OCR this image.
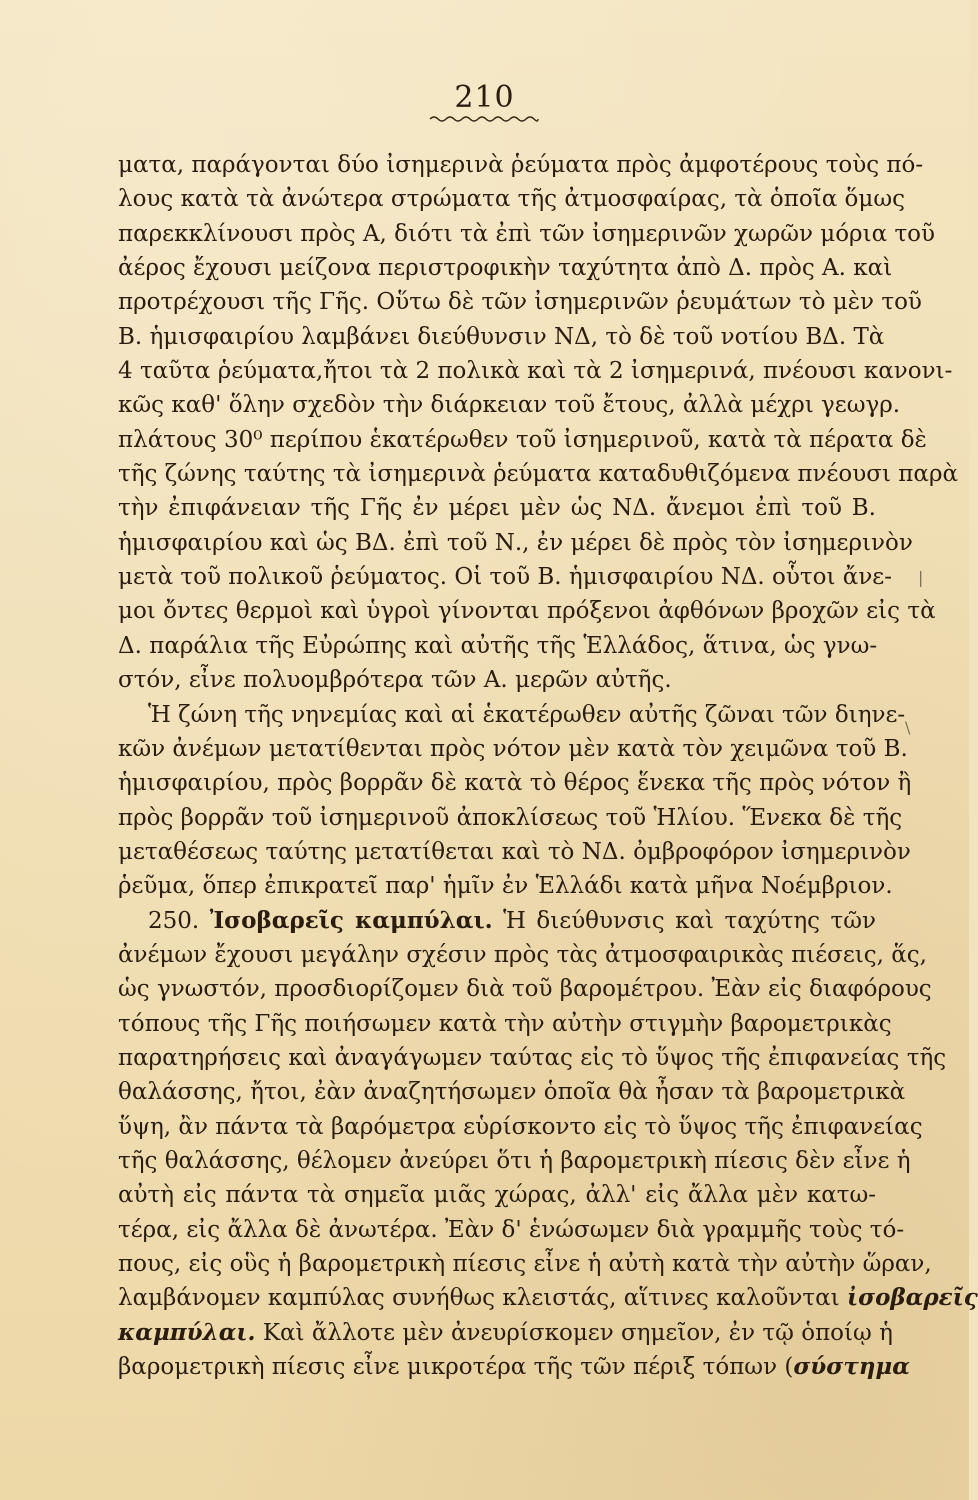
210
ματα, παράγονται δύο ἰσημερινὰ ῥεύματα πρὸς ἀμφοτέρους τοὺς πό-
λους κατὰ τὰ ἀνώτερα στρώματα τῆς ἀτμοσφαίρας, τὰ ὁποῖα ὅμως
παρεκκλίνουσι πρὸς Α, διότι τὰ ἐπὶ τῶν ἰσημερινῶν χωρῶν μόρια τοῦ
ἀέρος ἔχουσι μείζονα περιστροφικὴν ταχύτητα ἀπὸ Δ. πρὸς Α. καὶ
προτρέχουσι τῆς Γῆς. Οὕτω δὲ τῶν ἰσημερινῶν ῥευμάτων τὸ μὲν τοῦ
Β. ἡμισφαιρίου λαμβάνει διεύθυνσιν ΝΔ, τὸ δὲ τοῦ νοτίου ΒΔ. Τὰ
4 ταῦτα ῥεύματα,ἤτοι τὰ 2 πολικὰ καὶ τὰ 2 ἰσημερινά, πνέουσι κανονι-
κῶς καθ' ὅλην σχεδὸν τὴν διάρκειαν τοῦ ἔτους, ἀλλὰ μέχρι γεωγρ.
πλάτους 30⁰ περίπου ἑκατέρωθεν τοῦ ἰσημερινοῦ, κατὰ τὰ πέρατα δὲ
τῆς ζώνης ταύτης τὰ ἰσημερινὰ ῥεύματα καταδυθιζόμενα πνέουσι παρὰ
τὴν ἐπιφάνειαν τῆς Γῆς ἐν μέρει μὲν ὡς ΝΔ. ἄνεμοι ἐπὶ τοῦ Β.
ἡμισφαιρίου καὶ ὡς ΒΔ. ἐπὶ τοῦ Ν., ἐν μέρει δὲ πρὸς τὸν ἰσημερινὸν
μετὰ τοῦ πολικοῦ ῥεύματος. Οἱ τοῦ Β. ἡμισφαιρίου ΝΔ. οὗτοι ἄνε-
μοι ὄντες θερμοὶ καὶ ὑγροὶ γίνονται πρόξενοι ἀφθόνων βροχῶν εἰς τὰ
Δ. παράλια τῆς Εὐρώπης καὶ αὐτῆς τῆς Ἑλλάδος, ἅτινα, ὡς γνω-
στόν, εἶνε πολυομβρότερα τῶν Α. μερῶν αὐτῆς.
Ἡ ζώνη τῆς νηνεμίας καὶ αἱ ἑκατέρωθεν αὐτῆς ζῶναι τῶν διηνε-
κῶν ἀνέμων μετατίθενται πρὸς νότον μὲν κατὰ τὸν χειμῶνα τοῦ Β.
ἡμισφαιρίου, πρὸς βορρᾶν δὲ κατὰ τὸ θέρος ἕνεκα τῆς πρὸς νότον ἢ
πρὸς βορρᾶν τοῦ ἰσημερινοῦ ἀποκλίσεως τοῦ Ἡλίου. Ἕνεκα δὲ τῆς
μεταθέσεως ταύτης μετατίθεται καὶ τὸ ΝΔ. ὀμβροφόρον ἰσημερινὸν
ῥεῦμα, ὅπερ ἐπικρατεῖ παρ' ἡμῖν ἐν Ἑλλάδι κατὰ μῆνα Νοέμβριον.
250. Ἰσοβαρεῖς καμπύλαι. Ἡ διεύθυνσις καὶ ταχύτης τῶν
ἀνέμων ἔχουσι μεγάλην σχέσιν πρὸς τὰς ἀτμοσφαιρικὰς πιέσεις, ἅς,
ὡς γνωστόν, προσδιορίζομεν διὰ τοῦ βαρομέτρου. Ἐὰν εἰς διαφόρους
τόπους τῆς Γῆς ποιήσωμεν κατὰ τὴν αὐτὴν στιγμὴν βαρομετρικὰς
παρατηρήσεις καὶ ἀναγάγωμεν ταύτας εἰς τὸ ὕψος τῆς ἐπιφανείας τῆς
θαλάσσης, ἤτοι, ἐὰν ἀναζητήσωμεν ὁποῖα θὰ ἦσαν τὰ βαρομετρικὰ
ὕψη, ἂν πάντα τὰ βαρόμετρα εὑρίσκοντο εἰς τὸ ὕψος τῆς ἐπιφανείας
τῆς θαλάσσης, θέλομεν ἀνεύρει ὅτι ἡ βαρομετρικὴ πίεσις δὲν εἶνε ἡ
αὐτὴ εἰς πάντα τὰ σημεῖα μιᾶς χώρας, ἀλλ' εἰς ἄλλα μὲν κατω-
τέρα, εἰς ἄλλα δὲ ἀνωτέρα. Ἐὰν δ' ἑνώσωμεν διὰ γραμμῆς τοὺς τό-
πους, εἰς οὓς ἡ βαρομετρικὴ πίεσις εἶνε ἡ αὐτὴ κατὰ τὴν αὐτὴν ὥραν,
λαμβάνομεν καμπύλας συνήθως κλειστάς, αἵτινες καλοῦνται ἰσοβαρεῖς
καμπύλαι. Καὶ ἄλλοτε μὲν ἀνευρίσκομεν σημεῖον, ἐν τῷ ὁποίῳ ἡ
βαρομετρικὴ πίεσις εἶνε μικροτέρα τῆς τῶν πέριξ τόπων (σύστημα
|
\
